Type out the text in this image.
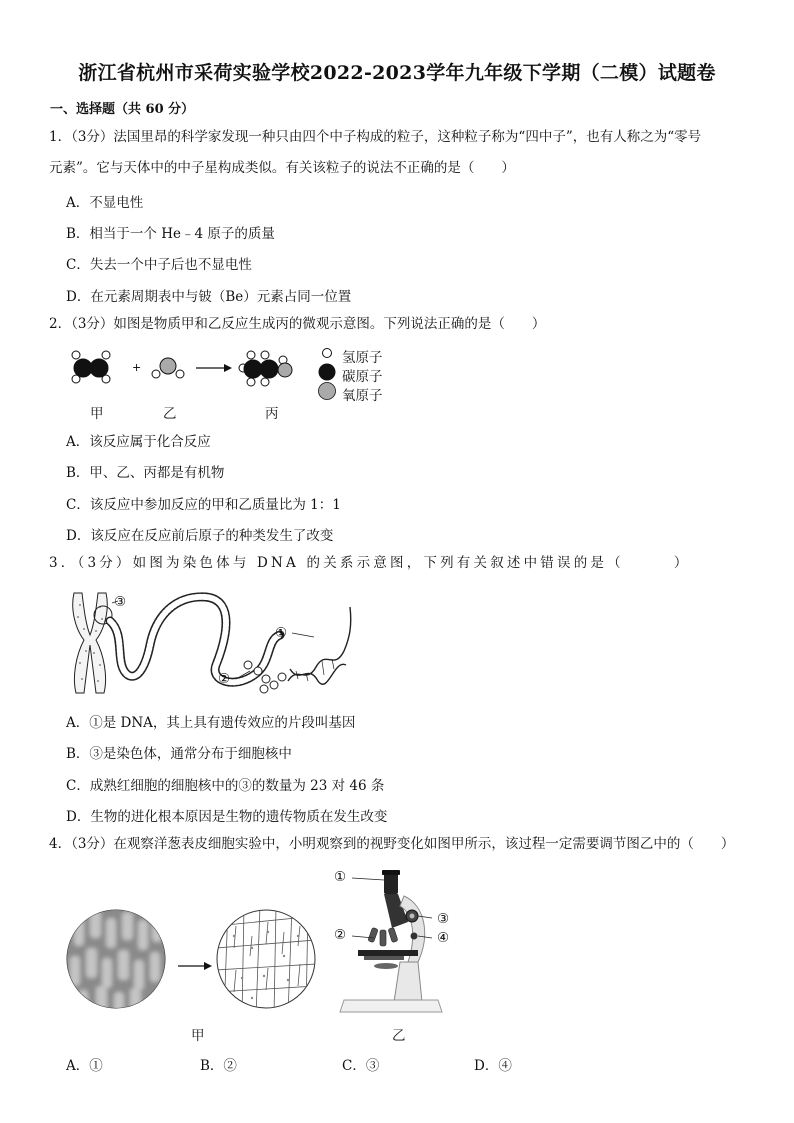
浙江省杭州市采荷实验学校2022-2023学年九年级下学期（二模）试题卷
一、选择题（共 60 分）
1．（3分）法国里昂的科学家发现一种只由四个中子构成的粒子，这种粒子称为“四中子”，也有人称之为“零号
元素”。它与天体中的中子星构成类似。有关该粒子的说法不正确的是（　　）
A．不显电性
B．相当于一个 He﹣4 原子的质量
C．失去一个中子后也不显电性
D．在元素周期表中与铍（Be）元素占同一位置
2．（3分）如图是物质甲和乙反应生成丙的微观示意图。下列说法正确的是（　　）
+
甲	乙	丙
氢原子
碳原子
氧原子
A．该反应属于化合反应
B．甲、乙、丙都是有机物
C．该反应中参加反应的甲和乙质量比为 1：1
D．该反应在反应前后原子的种类发生了改变
3．（3分）如图为染色体与 DNA 的关系示意图，下列有关叙述中错误的是（　　　）
③
①
②
A．①是 DNA，其上具有遗传效应的片段叫基因
B．③是染色体，通常分布于细胞核中
C．成熟红细胞的细胞核中的③的数量为 23 对 46 条
D．生物的进化根本原因是生物的遗传物质在发生改变
4．（3分）在观察洋葱表皮细胞实验中，小明观察到的视野变化如图甲所示，该过程一定需要调节图乙中的（　　）
甲
①
②
③
④
乙
A．①	B．②	C．③	D．④
